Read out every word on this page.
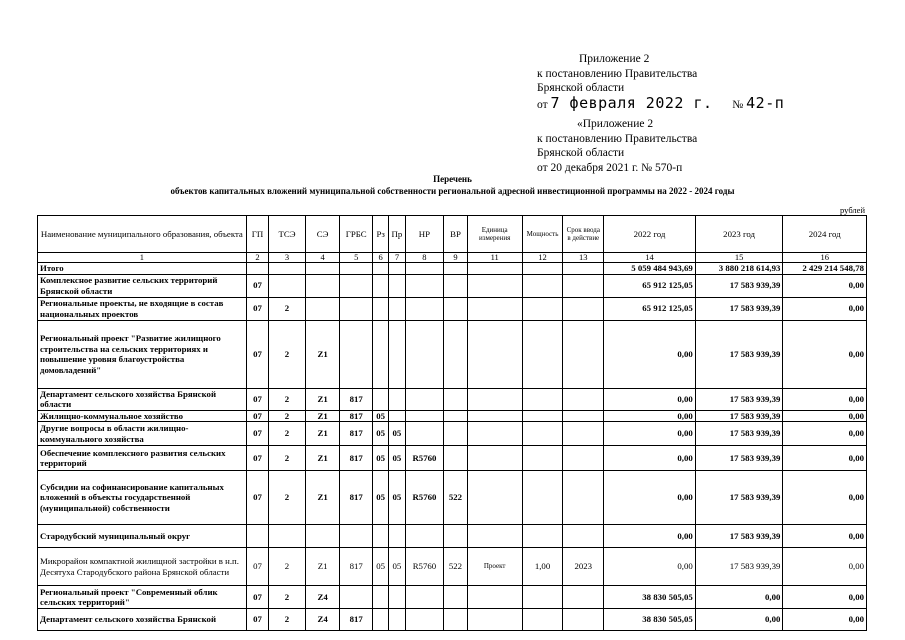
Приложение 2
к постановлению Правительства
Брянской области
от 7 февраля 2022 г. № 42-п
«Приложение 2
к постановлению Правительства
Брянской области
от 20 декабря 2021 г. № 570-п
Перечень
объектов капитальных вложений муниципальной собственности региональной адресной инвестиционной программы на 2022 - 2024 годы
рублей
Наименование муниципального образования, объекта	ГП	ТСЭ	СЭ	ГРБС	Рз	Пр	НР	ВР	Единица измерения	Мощность	Срок ввода в действие	2022 год	2023 год	2024 год
1	2	3	4	5	6	7	8	9	11	12	13	14	15	16
Итого												5 059 484 943,69	3 880 218 614,93	2 429 214 548,78
Комплексное развитие сельских территорий Брянской области	07											65 912 125,05	17 583 939,39	0,00
Региональные проекты, не входящие в состав национальных проектов	07	2										65 912 125,05	17 583 939,39	0,00
Региональный проект "Развитие жилищного строительства на сельских территориях и повышение уровня благоустройства домовладений"	07	2	Z1									0,00	17 583 939,39	0,00
Департамент сельского хозяйства Брянской области	07	2	Z1	817								0,00	17 583 939,39	0,00
Жилищно-коммунальное хозяйство	07	2	Z1	817	05							0,00	17 583 939,39	0,00
Другие вопросы в области жилищно-коммунального хозяйства	07	2	Z1	817	05	05						0,00	17 583 939,39	0,00
Обеспечение комплексного развития сельских территорий	07	2	Z1	817	05	05	R5760					0,00	17 583 939,39	0,00
Субсидии на софинансирование капитальных вложений в объекты государственной (муниципальной) собственности	07	2	Z1	817	05	05	R5760	522				0,00	17 583 939,39	0,00
Стародубский муниципальный округ												0,00	17 583 939,39	0,00
Микрорайон компактной жилищной застройки в н.п. Десятуха Стародубского района Брянской области	07	2	Z1	817	05	05	R5760	522	Проект	1,00	2023	0,00	17 583 939,39	0,00
Региональный проект "Современный облик сельских территорий"	07	2	Z4									38 830 505,05	0,00	0,00
Департамент сельского хозяйства Брянской	07	2	Z4	817								38 830 505,05	0,00	0,00
